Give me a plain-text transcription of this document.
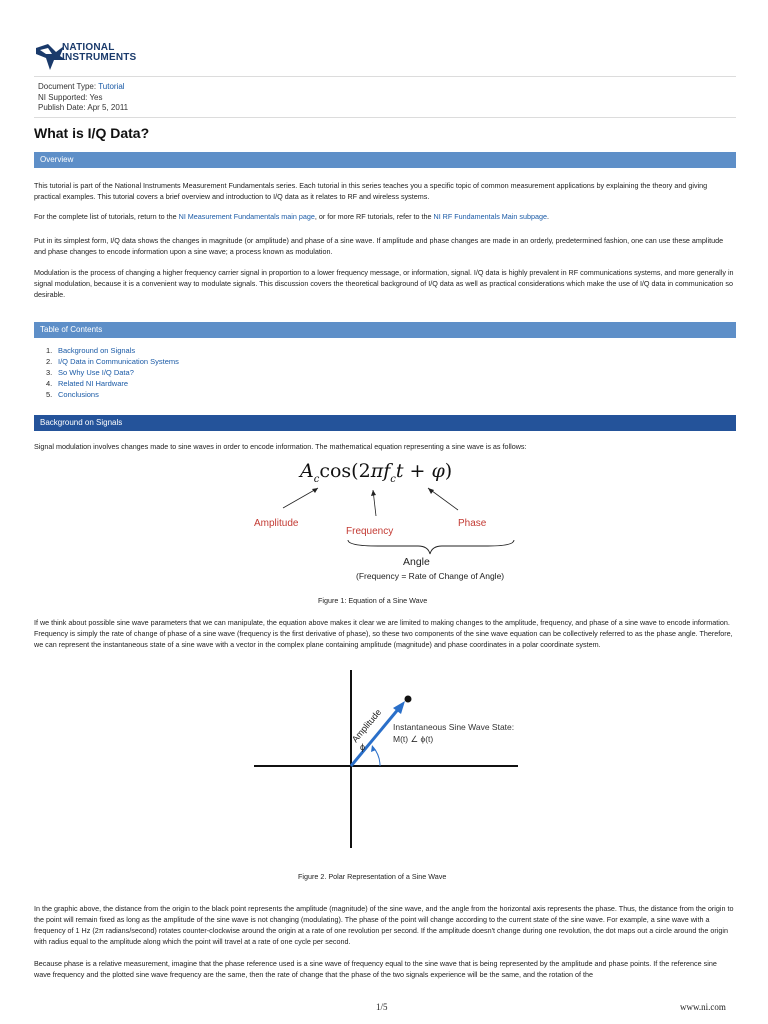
NATIONAL
INSTRUMENTS
Document Type: Tutorial
NI Supported: Yes
Publish Date: Apr 5, 2011
What is I/Q Data?
Overview

This tutorial is part of the National Instruments Measurement Fundamentals series. Each tutorial in this series teaches you a specific topic of common measurement applications by explaining the theory and giving practical examples. This tutorial covers a brief overview and introduction to I/Q data as it relates to RF and wireless systems.

For the complete list of tutorials, return to the NI Measurement Fundamentals main page, or for more RF tutorials, refer to the NI RF Fundamentals Main subpage.

Put in its simplest form, I/Q data shows the changes in magnitude (or amplitude) and phase of a sine wave. If amplitude and phase changes are made in an orderly, predetermined fashion, one can use these amplitude and phase changes to encode information upon a sine wave; a process known as modulation.

Modulation is the process of changing a higher frequency carrier signal in proportion to a lower frequency message, or information, signal. I/Q data is highly prevalent in RF communications systems, and more generally in signal modulation, because it is a convenient way to modulate signals. This discussion covers the theoretical background of I/Q data as well as practical considerations which make the use of I/Q data in communication so desirable.

Table of Contents
1. Background on Signals
2. I/Q Data in Communication Systems
3. So Why Use I/Q Data?
4. Related NI Hardware
5. Conclusions
Background on Signals

Signal modulation involves changes made to sine waves in order to encode information. The mathematical equation representing a sine wave is as follows:

$A_c\cos(2\pi f_ct + \varphi)$
Amplitude
Frequency
Phase
Angle
(Frequency = Rate of Change of Angle)
Figure 1: Equation of a Sine Wave

If we think about possible sine wave parameters that we can manipulate, the equation above makes it clear we are limited to making changes to the amplitude, frequency, and phase of a sine wave to encode information. Frequency is simply the rate of change of phase of a sine wave (frequency is the first derivative of phase), so these two components of the sine wave equation can be collectively referred to as the phase angle. Therefore, we can represent the instantaneous state of a sine wave with a vector in the complex plane containing amplitude (magnitude) and phase coordinates in a polar coordinate system.

ϕ
Amplitude Instantaneous Sine Wave State:
M(t) ∠ ϕ(t)
Figure 2. Polar Representation of a Sine Wave

In the graphic above, the distance from the origin to the black point represents the amplitude (magnitude) of the sine wave, and the angle from the horizontal axis represents the phase. Thus, the distance from the origin to the point will remain fixed as long as the amplitude of the sine wave is not changing (modulating). The phase of the point will change according to the current state of the sine wave. For example, a sine wave with a frequency of 1 Hz (2π radians/second) rotates counter-clockwise around the origin at a rate of one revolution per second. If the amplitude doesn't change during one revolution, the dot maps out a circle around the origin with radius equal to the amplitude along which the point will travel at a rate of one cycle per second.

Because phase is a relative measurement, imagine that the phase reference used is a sine wave of frequency equal to the sine wave that is being represented by the amplitude and phase points. If the reference sine wave frequency and the plotted sine wave frequency are the same, then the rate of change that the phase of the two signals experience will be the same, and the rotation of the

1/5	www.ni.com
